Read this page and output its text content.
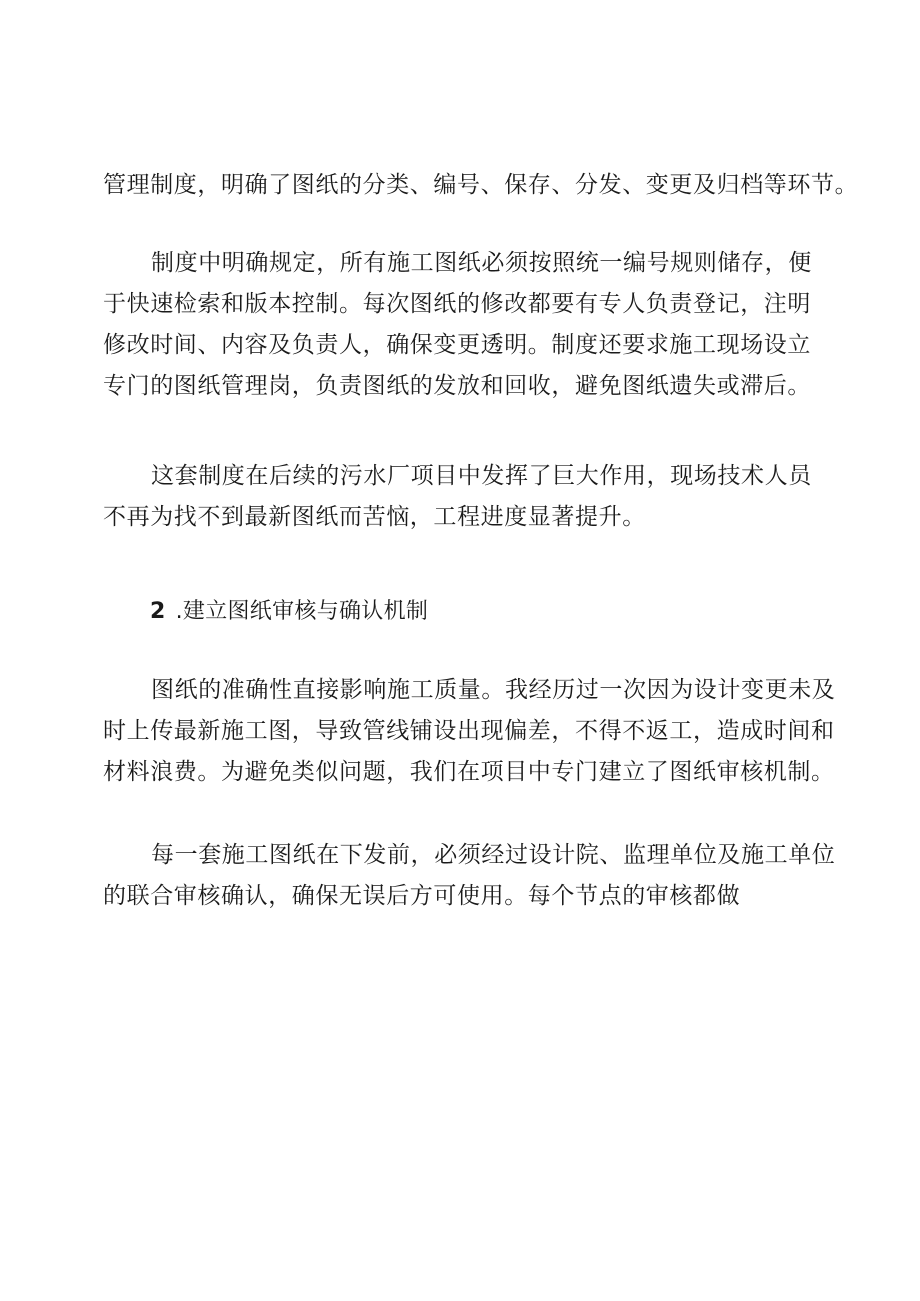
管理制度，明确了图纸的分类、编号、保存、分发、变更及归档等环节。

制度中明确规定，所有施工图纸必须按照统一编号规则储存，便
于快速检索和版本控制。每次图纸的修改都要有专人负责登记，注明
修改时间、内容及负责人，确保变更透明。制度还要求施工现场设立
专门的图纸管理岗，负责图纸的发放和回收，避免图纸遗失或滞后。

这套制度在后续的污水厂项目中发挥了巨大作用，现场技术人员
不再为找不到最新图纸而苦恼，工程进度显著提升。

2 .建立图纸审核与确认机制

图纸的准确性直接影响施工质量。我经历过一次因为设计变更未及
时上传最新施工图，导致管线铺设出现偏差，不得不返工，造成时间和
材料浪费。为避免类似问题，我们在项目中专门建立了图纸审核机制。

每一套施工图纸在下发前，必须经过设计院、监理单位及施工单位
的联合审核确认，确保无误后方可使用。每个节点的审核都做
